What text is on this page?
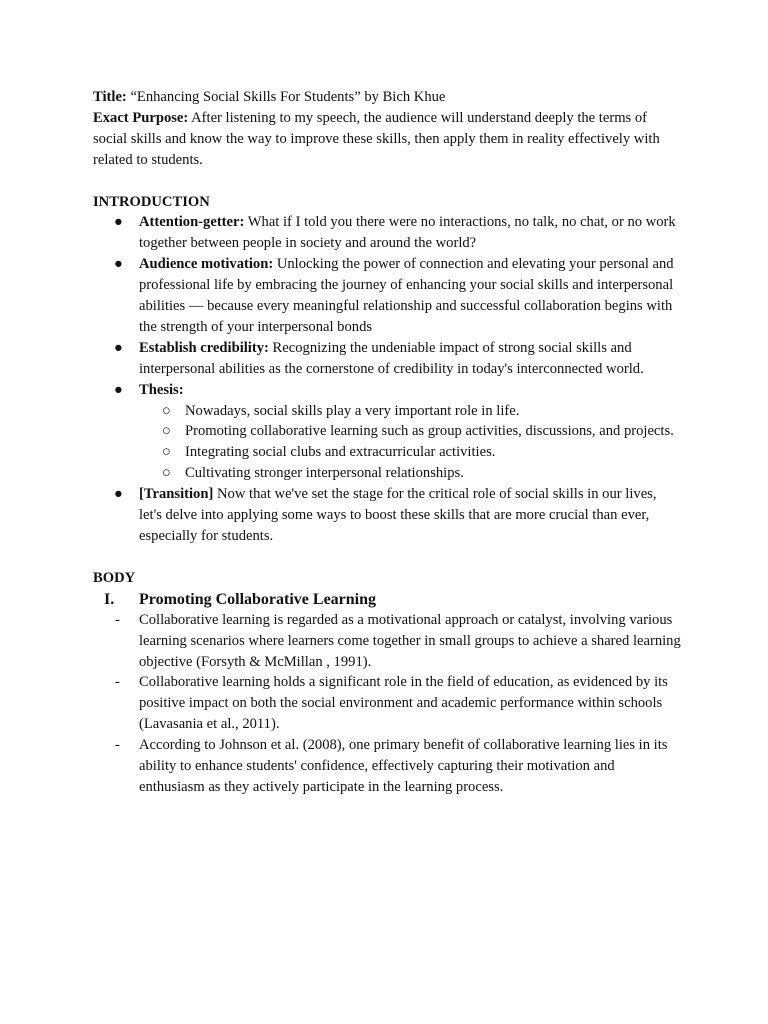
Title: “Enhancing Social Skills For Students” by Bich Khue

Exact Purpose: After listening to my speech, the audience will understand deeply the terms of social skills and know the way to improve these skills, then apply them in reality effectively with related to students.

INTRODUCTION

● Attention-getter: What if I told you there were no interactions, no talk, no chat, or no work together between people in society and around the world?
● Audience motivation: Unlocking the power of connection and elevating your personal and professional life by embracing the journey of enhancing your social skills and interpersonal abilities — because every meaningful relationship and successful collaboration begins with the strength of your interpersonal bonds
● Establish credibility: Recognizing the undeniable impact of strong social skills and interpersonal abilities as the cornerstone of credibility in today's interconnected world.
● Thesis:
○ Nowadays, social skills play a very important role in life.
○ Promoting collaborative learning such as group activities, discussions, and projects.
○ Integrating social clubs and extracurricular activities.
○ Cultivating stronger interpersonal relationships.
● [Transition] Now that we've set the stage for the critical role of social skills in our lives, let's delve into applying some ways to boost these skills that are more crucial than ever, especially for students.

BODY

I. Promoting Collaborative Learning
- Collaborative learning is regarded as a motivational approach or catalyst, involving various learning scenarios where learners come together in small groups to achieve a shared learning objective (Forsyth & McMillan , 1991).
- Collaborative learning holds a significant role in the field of education, as evidenced by its positive impact on both the social environment and academic performance within schools (Lavasania et al., 2011).
- According to Johnson et al. (2008), one primary benefit of collaborative learning lies in its ability to enhance students' confidence, effectively capturing their motivation and enthusiasm as they actively participate in the learning process.
